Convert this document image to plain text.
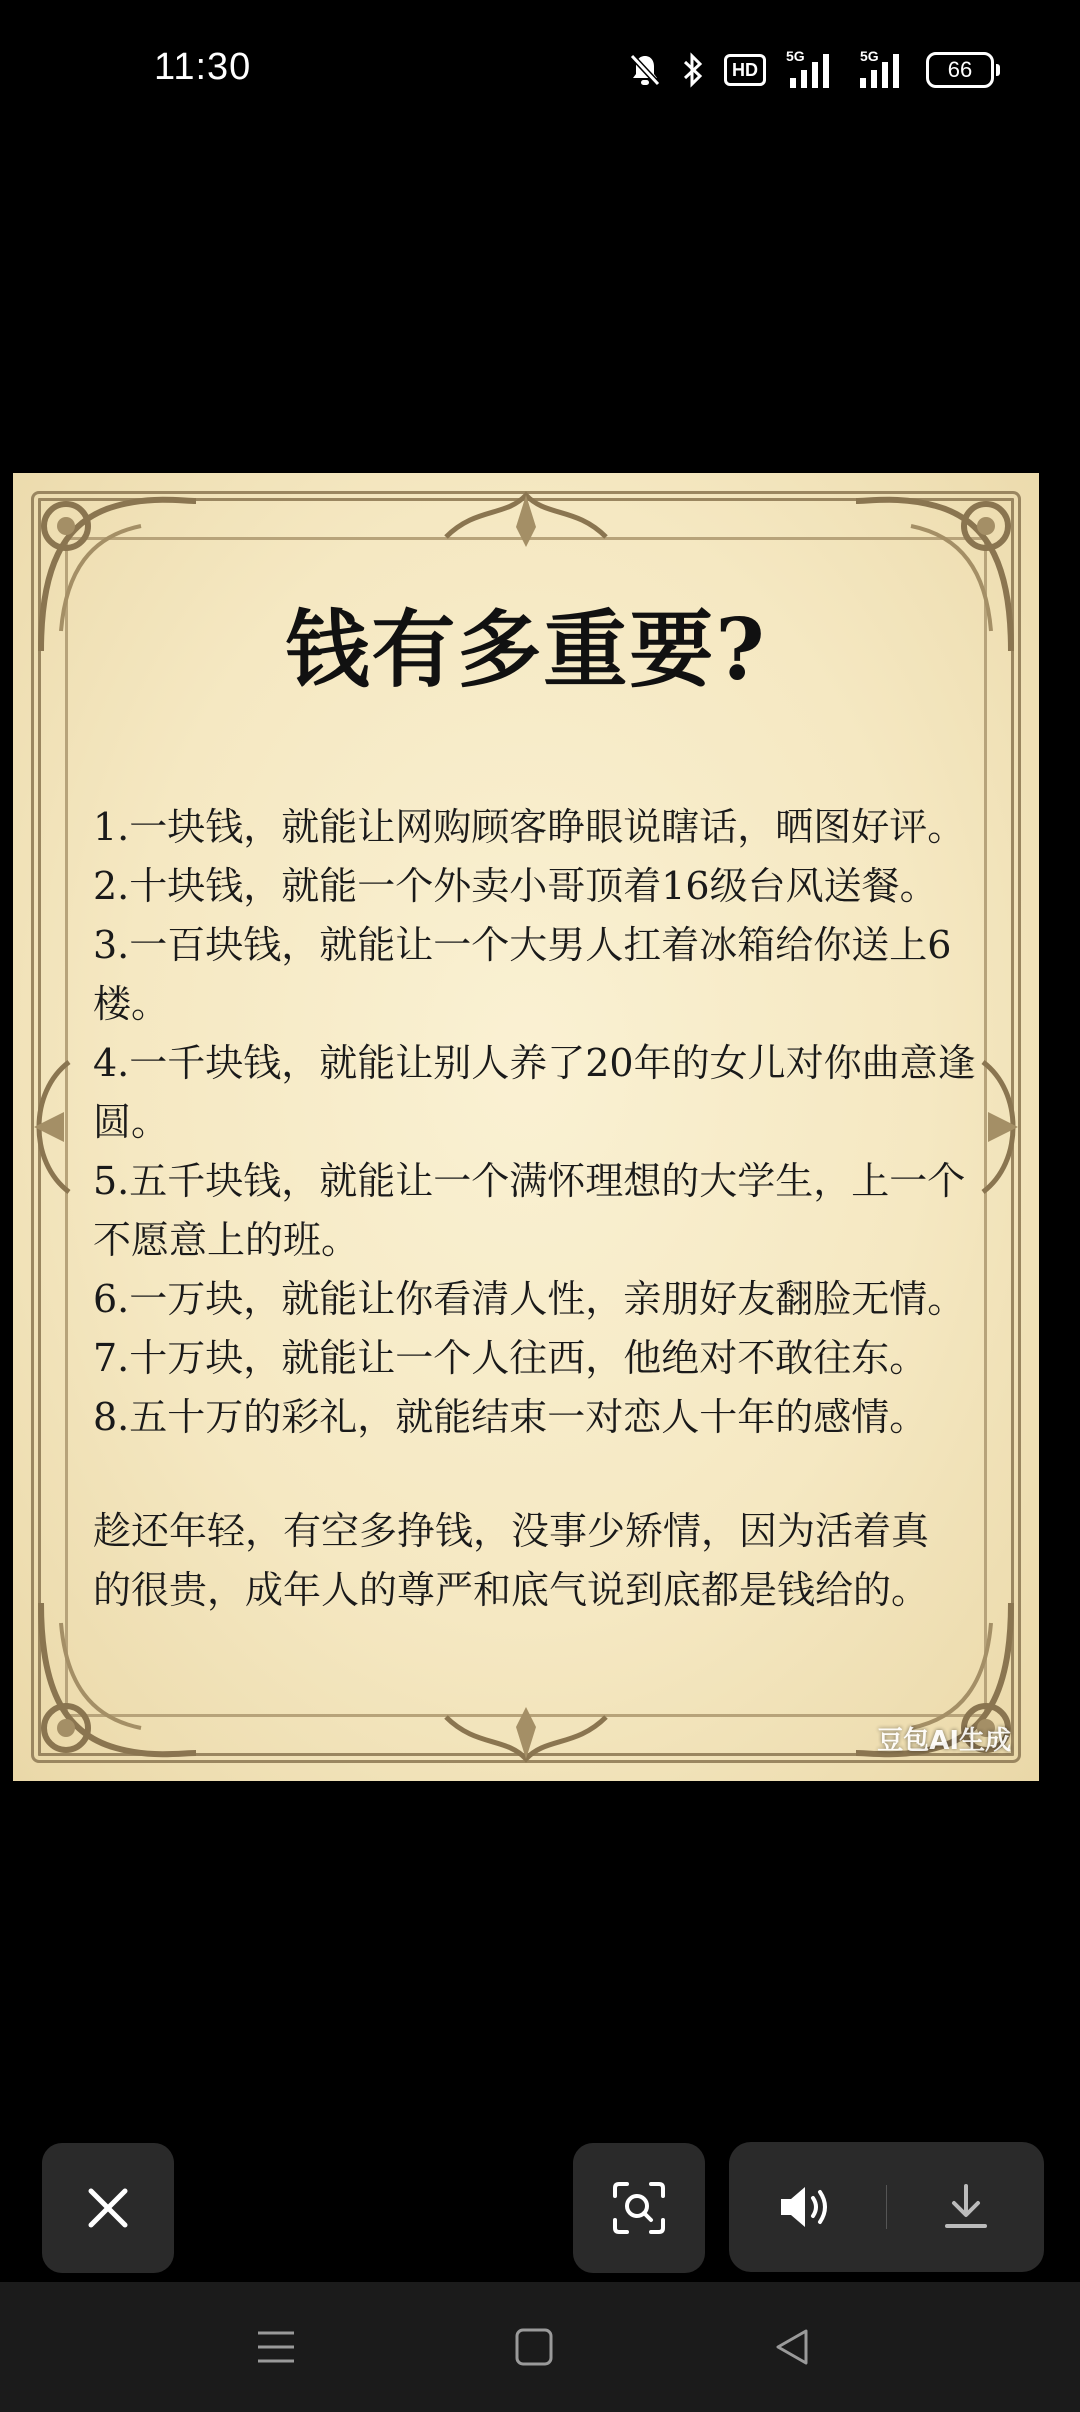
11:30	HD
5G	5G
66
钱有多重要?
1.一块钱，就能让网购顾客睁眼说瞎话，晒图好评。
2.十块钱，就能一个外卖小哥顶着16级台风送餐。
3.一百块钱，就能让一个大男人扛着冰箱给你送上6
楼。
4.一千块钱，就能让别人养了20年的女儿对你曲意逢
圆。
5.五千块钱，就能让一个满怀理想的大学生，上一个
不愿意上的班。
6.一万块，就能让你看清人性，亲朋好友翻脸无情。
7.十万块，就能让一个人往西，他绝对不敢往东。
8.五十万的彩礼，就能结束一对恋人十年的感情。
趁还年轻，有空多挣钱，没事少矫情，因为活着真
的很贵，成年人的尊严和底气说到底都是钱给的。
豆包AI生成
